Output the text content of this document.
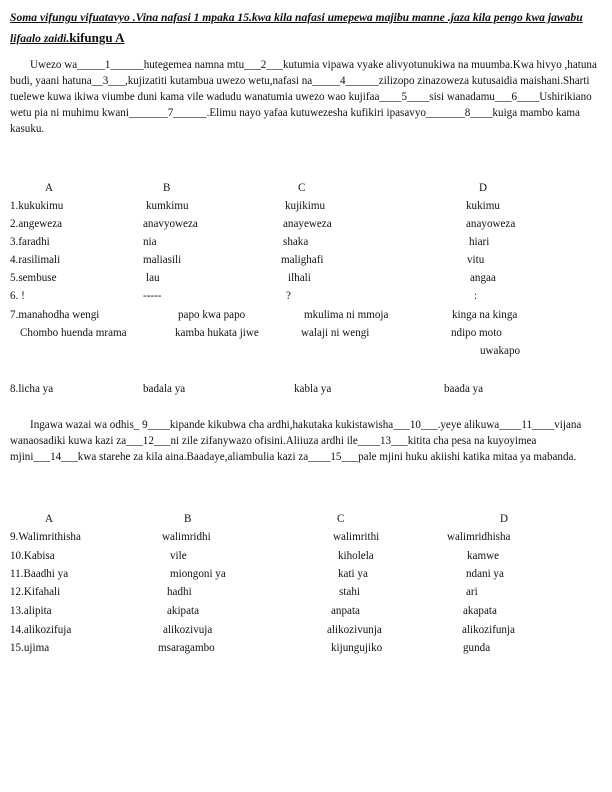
Soma vifungu vifuatavyo .Vina nafasi 1 mpaka 15.kwa kila nafasi umepewa majibu manne .jaza kila pengo kwa jawabu lifaalo zaidi.kifungu A

Uwezo wa_____1______hutegemea namna mtu___2___kutumia vipawa vyake alivyotunukiwa na muumba.Kwa hivyo ,hatuna budi, yaani hatuna__3___,kujizatiti kutambua uwezo wetu,nafasi na_____4______zilizopo zinazoweza kutusaidia maishani.Sharti tuelewe kuwa ikiwa viumbe duni kama vile wadudu wanatumia uwezo wao kujifaa____5____sisi wanadamu___6____Ushirikiano wetu pia ni muhimu kwani_______7______.Elimu nayo yafaa kutuwezesha kufikiri ipasavyo_______8____kuiga mambo kama kasuku.

A	B	C	D
1.kukukimu	kumkimu	kujikimu	kukimu
2.angeweza	anavyoweza	anayeweza	anayoweza
3.faradhi	nia	shaka	hiari
4.rasilimali	maliasili	malighafi	vitu
5.sembuse	lau	ilhali	angaa
6. !	-----	?	:
7.manahodha wengi	papo kwa papo	mkulima ni mmoja	kinga na kinga
Chombo huenda mrama	kamba hukata jiwe	walaji ni wengi	ndipo moto
uwakapo
8.licha ya	badala ya	kabla ya	baada ya

Ingawa wazai wa odhis_ 9____kipande kikubwa cha ardhi,hakutaka kukistawisha___10___.yeye alikuwa____11____vijana wanaosadiki kuwa kazi za___12___ni zile zifanywazo ofisini.Aliiuza ardhi ile____13___kitita cha pesa na kuyoyimea mjini___14___kwa starehe za kila aina.Baadaye,aliambulia kazi za____15___pale mjini huku akiishi katika mitaa ya mabanda.

A	B	C	D
9.Walimrithisha	walimridhi	walimrithi	walimridhisha
10.Kabisa	vile	kiholela	kamwe
11.Baadhi ya	miongoni ya	kati ya	ndani ya
12.Kifahali	hadhi	stahi	ari
13.alipita	akipata	anpata	akapata
14.alikozifuja	alikozivuja	alikozivunja	alikozifunja
15.ujima	msaragambo	kijungujiko	gunda
